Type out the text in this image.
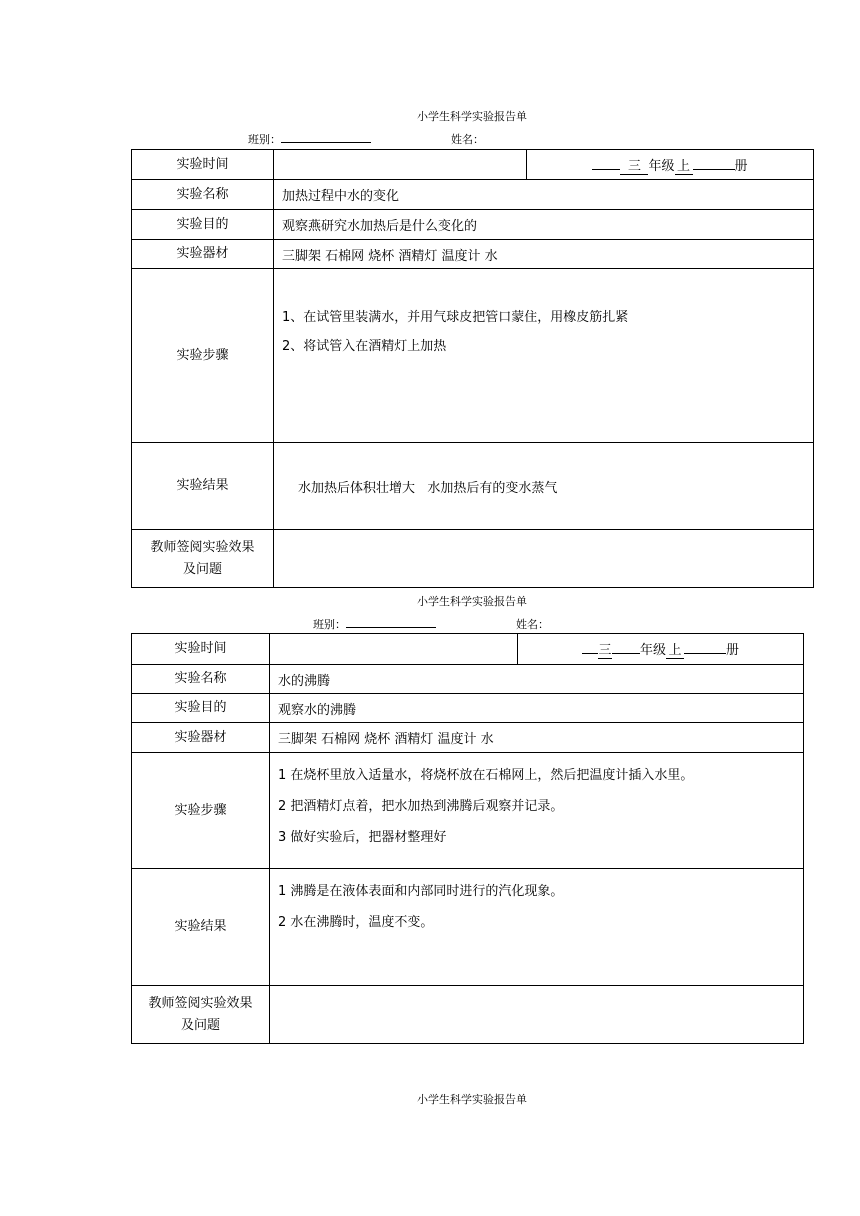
小学生科学实验报告单
班别：	姓名：
实验时间		三 年级 上 册
实验名称	加热过程中水的变化	
实验目的	观察燕研究水加热后是什么变化的	
实验器材	三脚架 石棉网 烧杯 酒精灯 温度计 水	
实验步骤	1、在试管里装满水，并用气球皮把管口蒙住，用橡皮筋扎紧
2、将试管入在酒精灯上加热	

实验结果	水加热后体积壮增大   水加热后有的变水蒸气	

教师签阅实验效果
及问题		

小学生科学实验报告单
班别：	姓名：
实验时间		三 年级 上 册
实验名称	水的沸腾	
实验目的	观察水的沸腾	
实验器材	三脚架 石棉网 烧杯 酒精灯 温度计 水	
实验步骤	1 在烧杯里放入适量水，将烧杯放在石棉网上，然后把温度计插入水里。
2 把酒精灯点着，把水加热到沸腾后观察并记录。
3 做好实验后，把器材整理好	

实验结果	1 沸腾是在液体表面和内部同时进行的汽化现象。
2 水在沸腾时，温度不变。	

教师签阅实验效果
及问题		

小学生科学实验报告单
